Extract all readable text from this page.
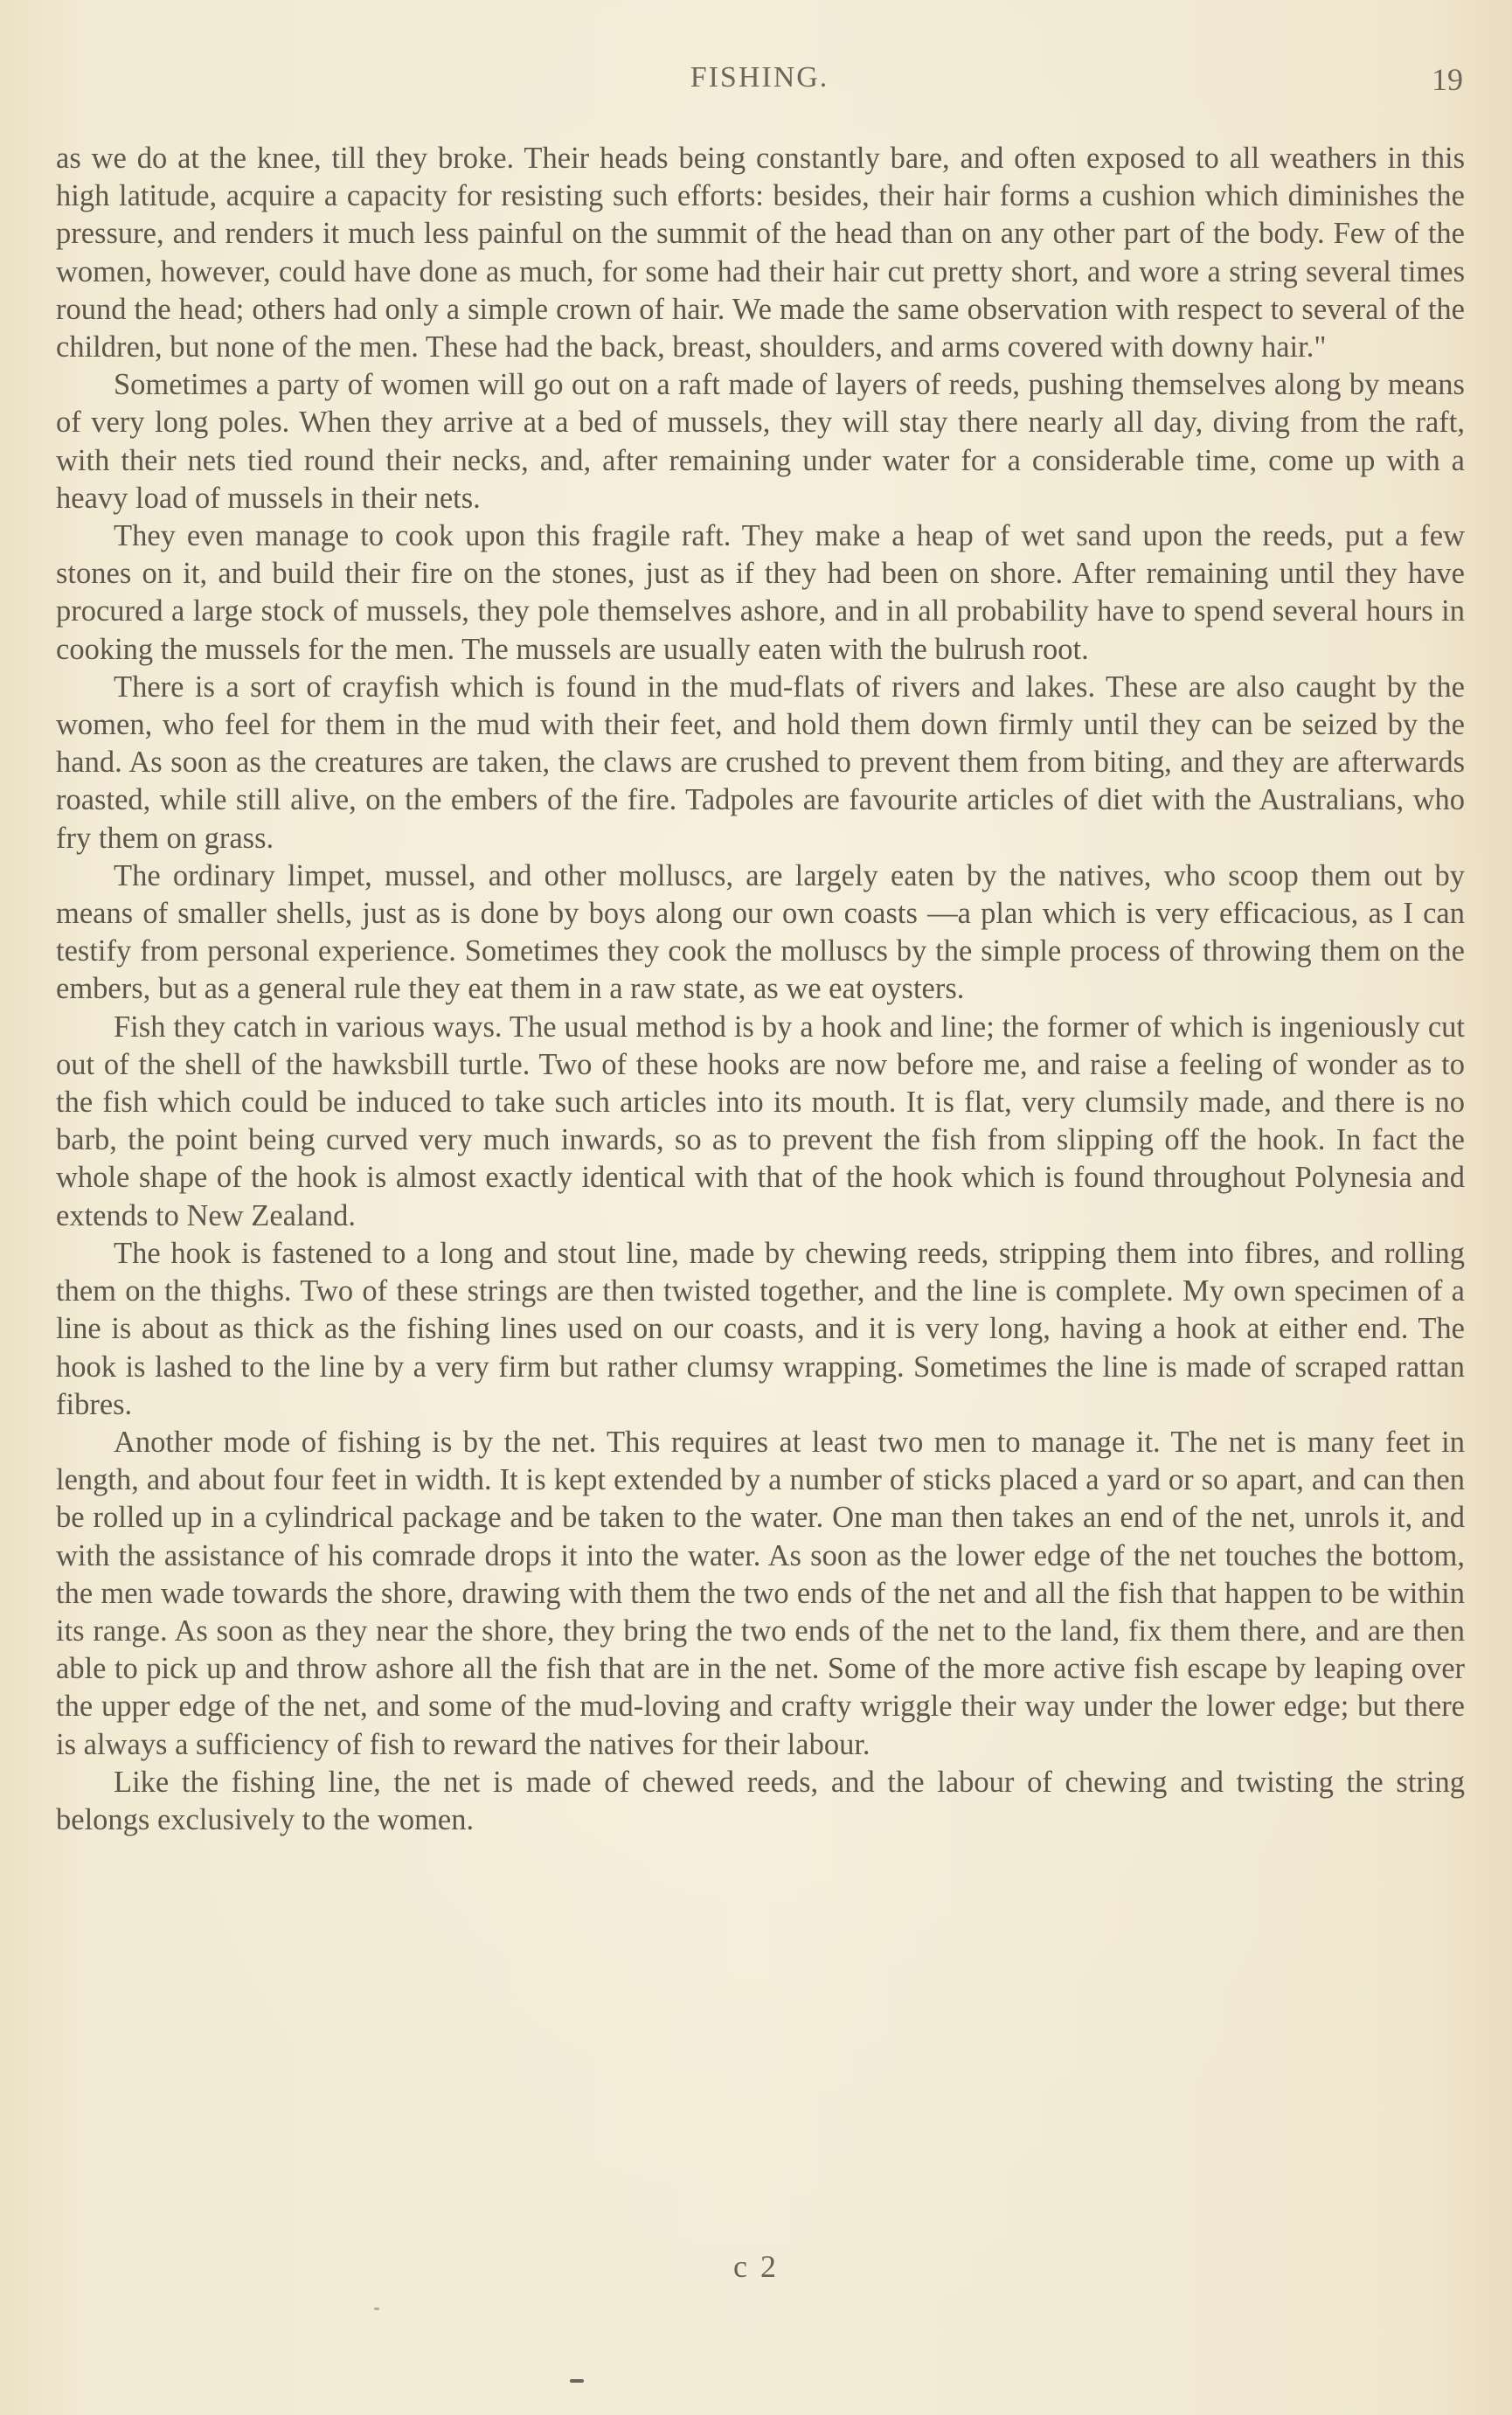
FISHING.	19

as we do at the knee, till they broke. Their heads being constantly bare, and often exposed to all weathers in this high latitude, acquire a capacity for resisting such efforts: besides, their hair forms a cushion which diminishes the pressure, and renders it much less painful on the summit of the head than on any other part of the body. Few of the women, however, could have done as much, for some had their hair cut pretty short, and wore a string several times round the head; others had only a simple crown of hair. We made the same observation with respect to several of the children, but none of the men. These had the back, breast, shoulders, and arms covered with downy hair."

Sometimes a party of women will go out on a raft made of layers of reeds, pushing themselves along by means of very long poles. When they arrive at a bed of mussels, they will stay there nearly all day, diving from the raft, with their nets tied round their necks, and, after remaining under water for a considerable time, come up with a heavy load of mussels in their nets.

They even manage to cook upon this fragile raft. They make a heap of wet sand upon the reeds, put a few stones on it, and build their fire on the stones, just as if they had been on shore. After remaining until they have procured a large stock of mussels, they pole themselves ashore, and in all probability have to spend several hours in cooking the mussels for the men. The mussels are usually eaten with the bulrush root.

There is a sort of crayfish which is found in the mud-flats of rivers and lakes. These are also caught by the women, who feel for them in the mud with their feet, and hold them down firmly until they can be seized by the hand. As soon as the creatures are taken, the claws are crushed to prevent them from biting, and they are afterwards roasted, while still alive, on the embers of the fire. Tadpoles are favourite articles of diet with the Australians, who fry them on grass.

The ordinary limpet, mussel, and other molluscs, are largely eaten by the natives, who scoop them out by means of smaller shells, just as is done by boys along our own coasts —a plan which is very efficacious, as I can testify from personal experience. Sometimes they cook the molluscs by the simple process of throwing them on the embers, but as a general rule they eat them in a raw state, as we eat oysters.

Fish they catch in various ways. The usual method is by a hook and line; the former of which is ingeniously cut out of the shell of the hawksbill turtle. Two of these hooks are now before me, and raise a feeling of wonder as to the fish which could be induced to take such articles into its mouth. It is flat, very clumsily made, and there is no barb, the point being curved very much inwards, so as to prevent the fish from slipping off the hook. In fact the whole shape of the hook is almost exactly identical with that of the hook which is found throughout Polynesia and extends to New Zealand.

The hook is fastened to a long and stout line, made by chewing reeds, stripping them into fibres, and rolling them on the thighs. Two of these strings are then twisted together, and the line is complete. My own specimen of a line is about as thick as the fishing lines used on our coasts, and it is very long, having a hook at either end. The hook is lashed to the line by a very firm but rather clumsy wrapping. Sometimes the line is made of scraped rattan fibres.

Another mode of fishing is by the net. This requires at least two men to manage it. The net is many feet in length, and about four feet in width. It is kept extended by a number of sticks placed a yard or so apart, and can then be rolled up in a cylindrical package and be taken to the water. One man then takes an end of the net, unrols it, and with the assistance of his comrade drops it into the water. As soon as the lower edge of the net touches the bottom, the men wade towards the shore, drawing with them the two ends of the net and all the fish that happen to be within its range. As soon as they near the shore, they bring the two ends of the net to the land, fix them there, and are then able to pick up and throw ashore all the fish that are in the net. Some of the more active fish escape by leaping over the upper edge of the net, and some of the mud-loving and crafty wriggle their way under the lower edge; but there is always a sufficiency of fish to reward the natives for their labour.

Like the fishing line, the net is made of chewed reeds, and the labour of chewing and twisting the string belongs exclusively to the women.

c 2
